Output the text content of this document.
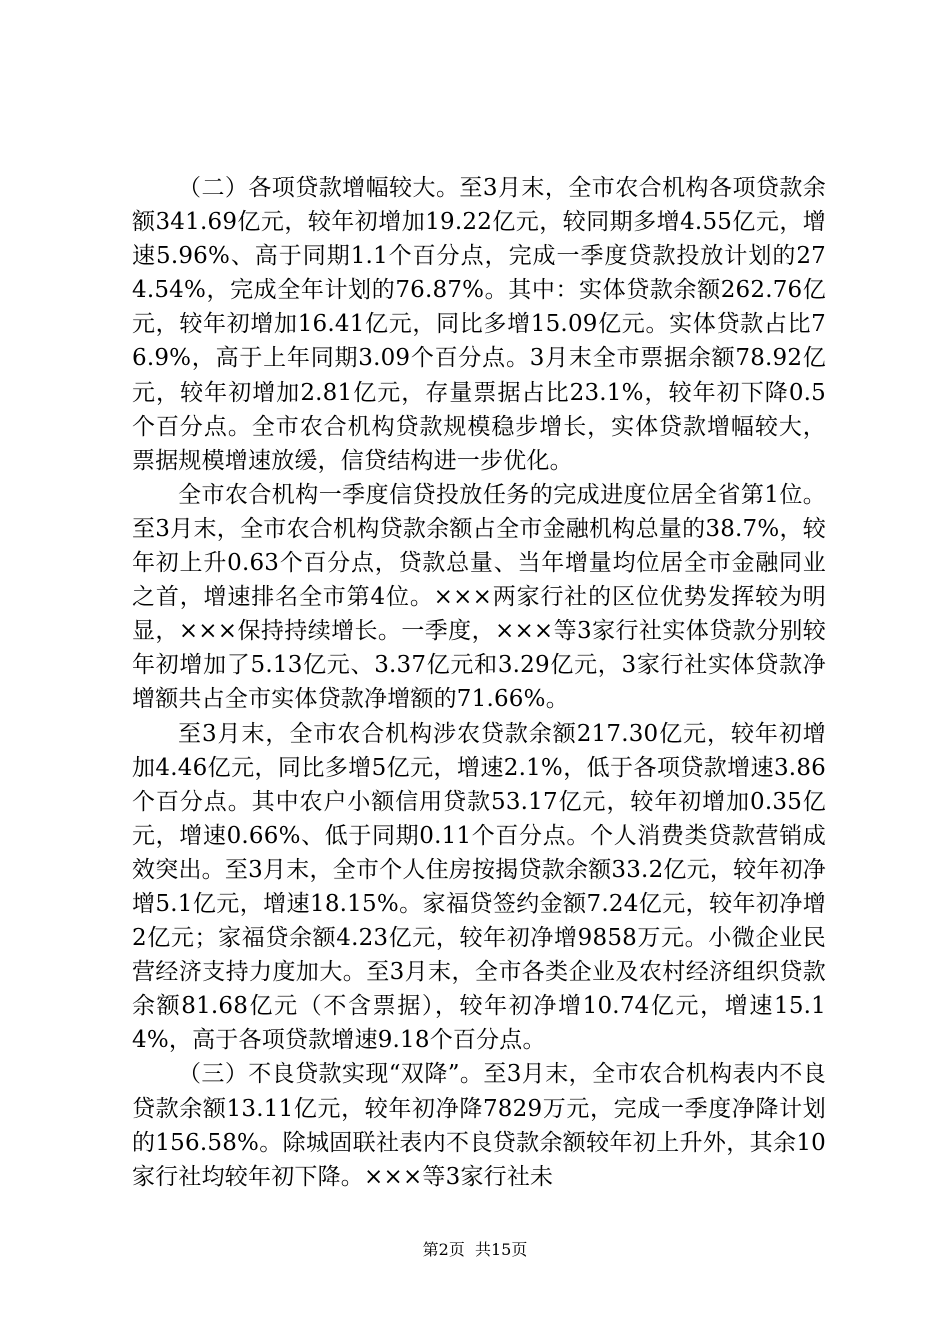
（二）各项贷款增幅较大。至3月末，全市农合机构各项贷款余额341.69亿元，较年初增加19.22亿元，较同期多增4.55亿元，增速5.96%、高于同期1.1个百分点，完成一季度贷款投放计划的274.54%，完成全年计划的76.87%。其中：实体贷款余额262.76亿元，较年初增加16.41亿元，同比多增15.09亿元。实体贷款占比76.9%，高于上年同期3.09个百分点。3月末全市票据余额78.92亿元，较年初增加2.81亿元，存量票据占比23.1%，较年初下降0.5个百分点。全市农合机构贷款规模稳步增长，实体贷款增幅较大，票据规模增速放缓，信贷结构进一步优化。

全市农合机构一季度信贷投放任务的完成进度位居全省第1位。至3月末，全市农合机构贷款余额占全市金融机构总量的38.7%，较年初上升0.63个百分点，贷款总量、当年增量均位居全市金融同业之首，增速排名全市第4位。×××两家行社的区位优势发挥较为明显，×××保持持续增长。一季度，×××等3家行社实体贷款分别较年初增加了5.13亿元、3.37亿元和3.29亿元，3家行社实体贷款净增额共占全市实体贷款净增额的71.66%。

至3月末，全市农合机构涉农贷款余额217.30亿元，较年初增加4.46亿元，同比多增5亿元，增速2.1%，低于各项贷款增速3.86个百分点。其中农户小额信用贷款53.17亿元，较年初增加0.35亿元，增速0.66%、低于同期0.11个百分点。个人消费类贷款营销成效突出。至3月末，全市个人住房按揭贷款余额33.2亿元，较年初净增5.1亿元，增速18.15%。家福贷签约金额7.24亿元，较年初净增2亿元；家福贷余额4.23亿元，较年初净增9858万元。小微企业民营经济支持力度加大。至3月末，全市各类企业及农村经济组织贷款余额81.68亿元（不含票据），较年初净增10.74亿元，增速15.14%，高于各项贷款增速9.18个百分点。

（三）不良贷款实现“双降”。至3月末，全市农合机构表内不良贷款余额13.11亿元，较年初净降7829万元，完成一季度净降计划的156.58%。除城固联社表内不良贷款余额较年初上升外，其余10家行社均较年初下降。×××等3家行社未

第2页  共15页
